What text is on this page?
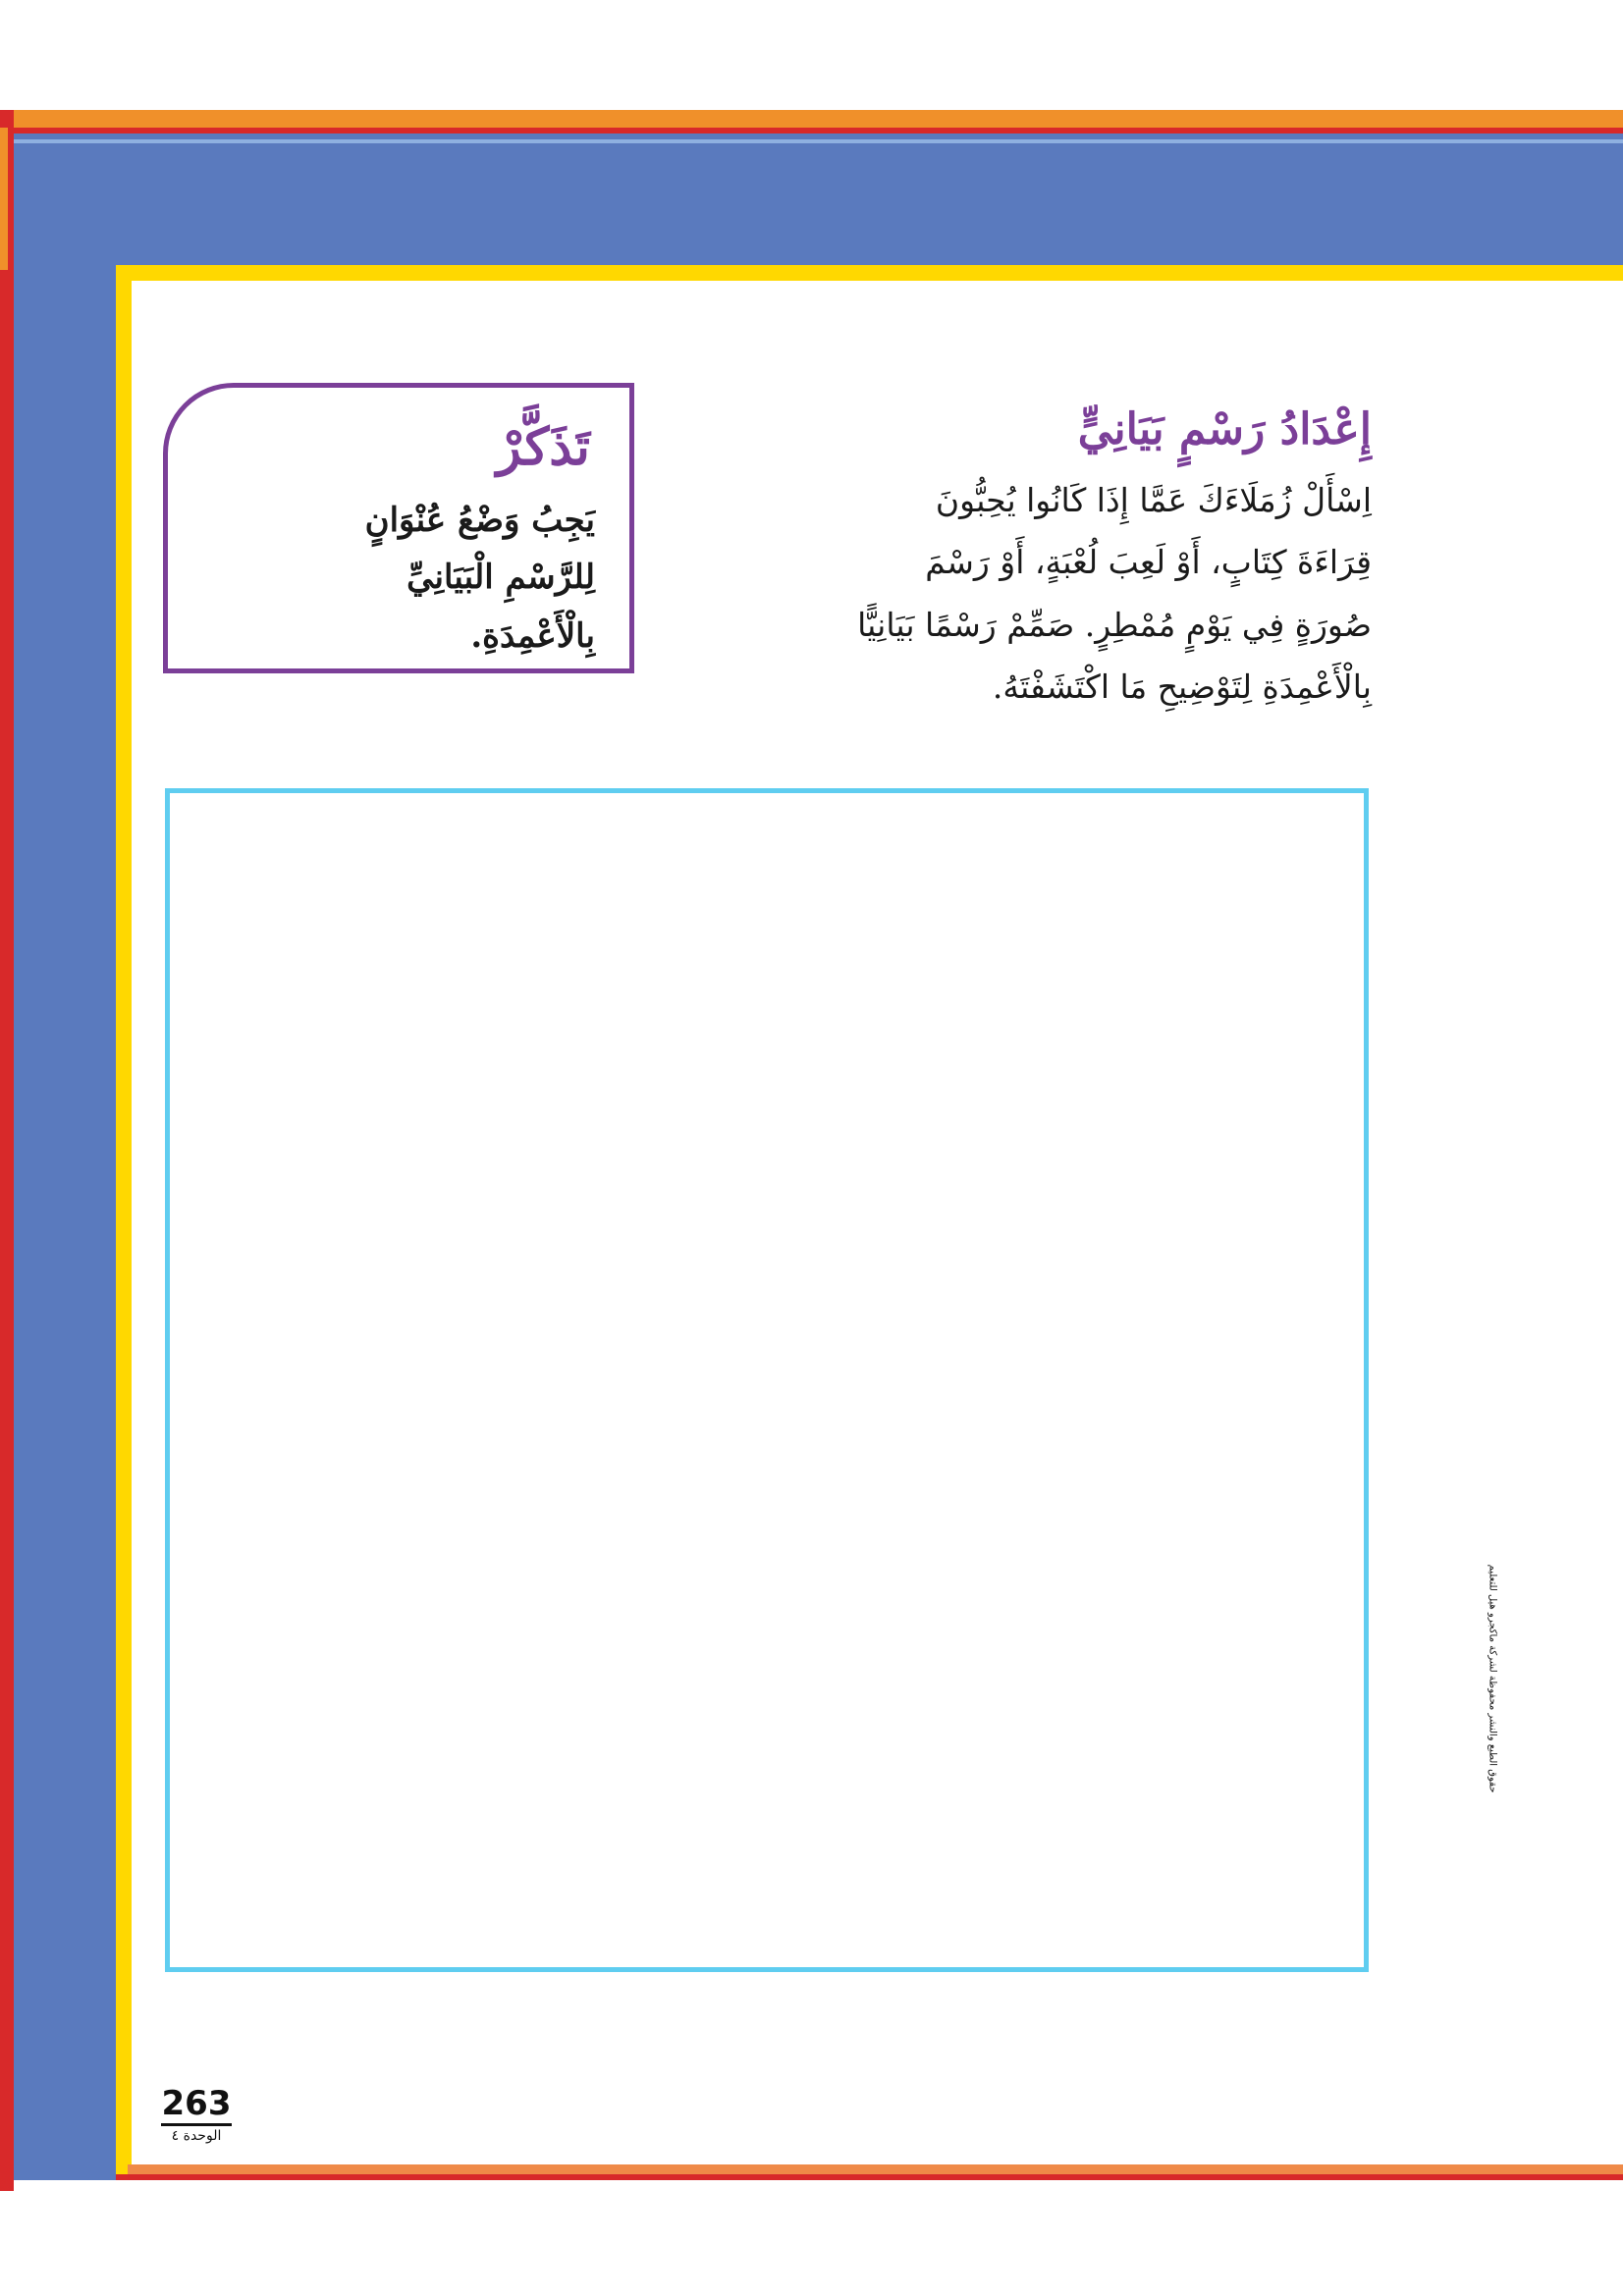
تَذَكَّرْ
يَجِبُ وَضْعُ عُنْوَانٍ
لِلرَّسْمِ الْبَيَانِيِّ
بِالْأَعْمِدَةِ.
إِعْدَادُ رَسْمٍ بَيَانِيٍّ
اِسْأَلْ زُمَلَاءَكَ عَمَّا إِذَا كَانُوا يُحِبُّونَ
قِرَاءَةَ كِتَابٍ، أَوْ لَعِبَ لُعْبَةٍ، أَوْ رَسْمَ
صُورَةٍ فِي يَوْمٍ مُمْطِرٍ. صَمِّمْ رَسْمًا بَيَانِيًّا
بِالْأَعْمِدَةِ لِتَوْضِيحِ مَا اكْتَشَفْتَهُ.
حقوق الطبع والنشر محفوظة لشركة ماكجرو هيل للتعليم
263
الوحدة ٤
